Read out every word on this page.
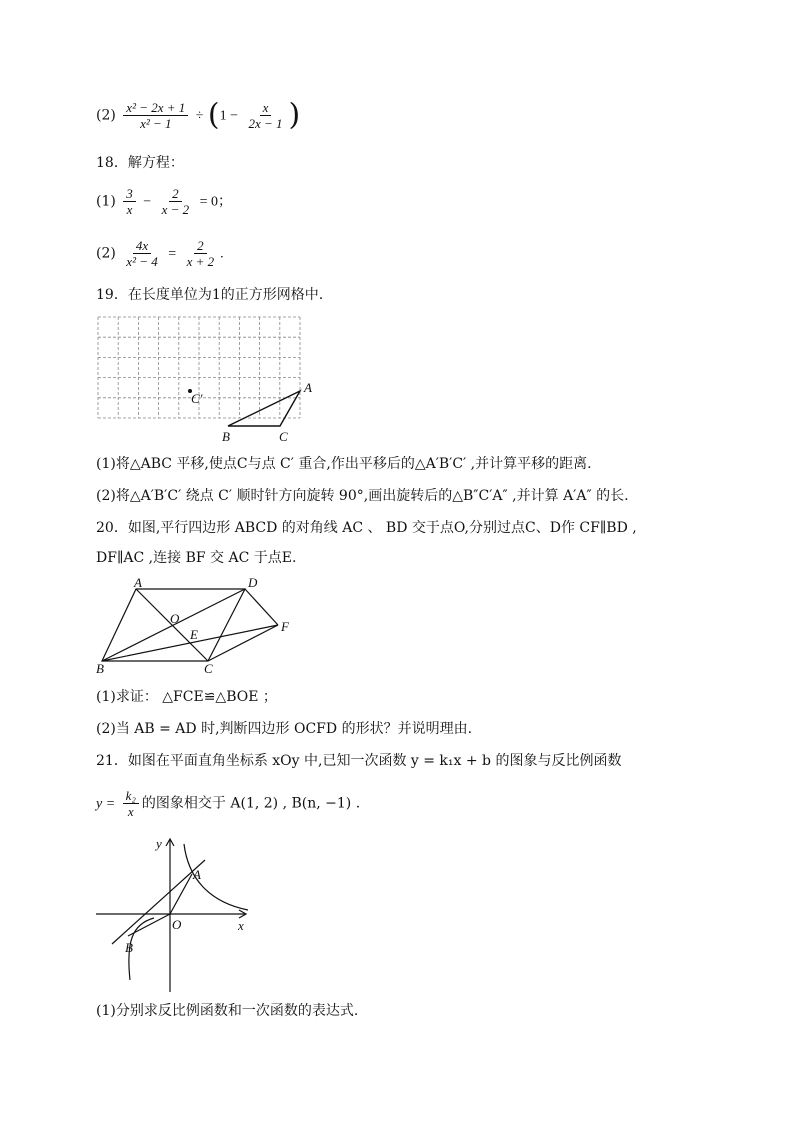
$(2) \frac{\text{x² − 2x + 1}}{\text{x² − 1}} \div (1 - \frac{x}{2x - 1}$ )
18．解方程：
$(1) \frac{3}{x} - \frac{2}{x - 2} = 0$；
$(2) \frac{4x}{\text{x² − 4}} = \frac{2}{x + 2}$ .
19．在长度单位为1的正方形网格中.
C′
A
B	C
(1)将△ABC 平移,使点C与点 C′ 重合,作出平移后的△A′B′C′ ,并计算平移的距离.
(2)将△A′B′C′ 绕点 C′ 顺时针方向旋转 90°,画出旋转后的△B″C′A″ ,并计算 A′A″ 的长.
20．如图,平行四边形 ABCD 的对角线 AC 、 BD 交于点O,分别过点C、D作 CF∥BD ,
DF∥AC ,连接 BF 交 AC 于点E.
A	D
O
E
F
B	C
(1)求证： △FCE≌△BOE ；
(2)当 AB = AD 时,判断四边形 OCFD 的形状？并说明理由.
21．如图在平面直角坐标系 xOy 中,已知一次函数 y = k₁x + b 的图象与反比例函数
$y = \frac{\text{k₂}}{x}$ 的图象相交于 A(1, 2) , B(n, −1) .
y
x
O
A
B
(1)分别求反比例函数和一次函数的表达式.
